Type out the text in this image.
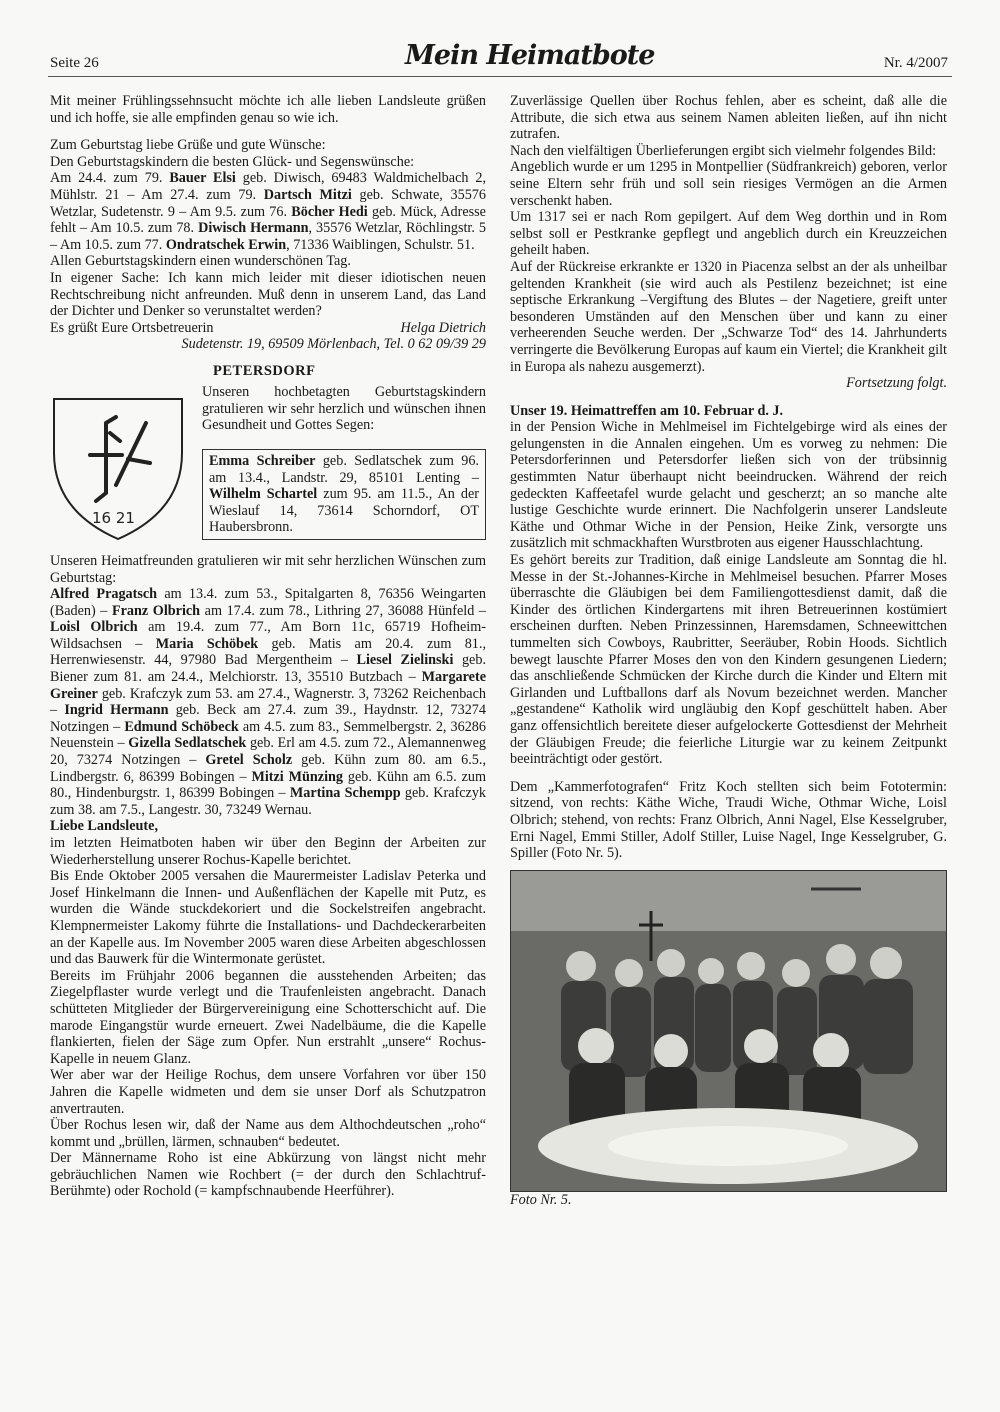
Seite 26	Mein Heimatbote	Nr. 4/2007

Mit meiner Frühlingssehnsucht möchte ich alle lieben Landsleute grüßen und ich hoffe, sie alle empfinden genau so wie ich.

Zum Geburtstag liebe Grüße und gute Wünsche:

Den Geburtstagskindern die besten Glück- und Segenswünsche:

Am 24.4. zum 79. Bauer Elsi geb. Diwisch, 69483 Waldmichelbach 2, Mühlstr. 21 – Am 27.4. zum 79. Dartsch Mitzi geb. Schwate, 35576 Wetzlar, Sudetenstr. 9 – Am 9.5. zum 76. Böcher Hedi geb. Mück, Adresse fehlt – Am 10.5. zum 78. Diwisch Hermann, 35576 Wetzlar, Röchlingstr. 5 – Am 10.5. zum 77. Ondratschek Erwin, 71336 Waiblingen, Schulstr. 51.

Allen Geburtstagskindern einen wunderschönen Tag.

In eigener Sache: Ich kann mich leider mit dieser idiotischen neuen Rechtschreibung nicht anfreunden. Muß denn in unserem Land, das Land der Dichter und Denker so verunstaltet werden?

Es grüßt Eure Ortsbetreuerin	Helga Dietrich

Sudetenstr. 19, 69509 Mörlenbach, Tel. 0 62 09/39 29

PETERSDORF
16 21

Unseren hochbetagten Geburtstagskindern gratulieren wir sehr herzlich und wünschen ihnen Gesundheit und Gottes Segen:

Emma Schreiber geb. Sedlatschek zum 96. am 13.4., Landstr. 29, 85101 Lenting – Wilhelm Schartel zum 95. am 11.5., An der Wieslauf 14, 73614 Schorndorf, OT Haubersbronn.

Unseren Heimatfreunden gratulieren wir mit sehr herzlichen Wünschen zum Geburtstag:

Alfred Pragatsch am 13.4. zum 53., Spitalgarten 8, 76356 Weingarten (Baden) – Franz Olbrich am 17.4. zum 78., Lithring 27, 36088 Hünfeld – Loisl Olbrich am 19.4. zum 77., Am Born 11c, 65719 Hofheim-Wildsachsen – Maria Schöbek geb. Matis am 20.4. zum 81., Herrenwiesenstr. 44, 97980 Bad Mergentheim – Liesel Zielinski geb. Biener zum 81. am 24.4., Melchiorstr. 13, 35510 Butzbach – Margarete Greiner geb. Krafczyk zum 53. am 27.4., Wagnerstr. 3, 73262 Reichenbach – Ingrid Hermann geb. Beck am 27.4. zum 39., Haydnstr. 12, 73274 Notzingen – Edmund Schöbeck am 4.5. zum 83., Semmelbergstr. 2, 36286 Neuenstein – Gizella Sedlatschek geb. Erl am 4.5. zum 72., Alemannenweg 20, 73274 Notzingen – Gretel Scholz geb. Kühn zum 80. am 6.5., Lindbergstr. 6, 86399 Bobingen – Mitzi Münzing geb. Kühn am 6.5. zum 80., Hindenburgstr. 1, 86399 Bobingen – Martina Schempp geb. Krafczyk zum 38. am 7.5., Langestr. 30, 73249 Wernau.

Liebe Landsleute,

im letzten Heimatboten haben wir über den Beginn der Arbeiten zur Wiederherstellung unserer Rochus-Kapelle berichtet.

Bis Ende Oktober 2005 versahen die Maurermeister Ladislav Peterka und Josef Hinkelmann die Innen- und Außenflächen der Kapelle mit Putz, es wurden die Wände stuckdekoriert und die Sockelstreifen angebracht. Klempnermeister Lakomy führte die Installations- und Dachdeckerarbeiten an der Kapelle aus. Im November 2005 waren diese Arbeiten abgeschlossen und das Bauwerk für die Wintermonate gerüstet.

Bereits im Frühjahr 2006 begannen die ausstehenden Arbeiten; das Ziegelpflaster wurde verlegt und die Traufenleisten angebracht. Danach schütteten Mitglieder der Bürgervereinigung eine Schotterschicht auf. Die marode Eingangstür wurde erneuert. Zwei Nadelbäume, die die Kapelle flankierten, fielen der Säge zum Opfer. Nun erstrahlt „unsere“ Rochus-Kapelle in neuem Glanz.

Wer aber war der Heilige Rochus, dem unsere Vorfahren vor über 150 Jahren die Kapelle widmeten und dem sie unser Dorf als Schutzpatron anvertrauten.

Über Rochus lesen wir, daß der Name aus dem Althochdeutschen „roho“ kommt und „brüllen, lärmen, schnauben“ bedeutet.

Der Männername Roho ist eine Abkürzung von längst nicht mehr gebräuchlichen Namen wie Rochbert (= der durch den Schlachtruf-Berühmte) oder Rochold (= kampfschnaubende Heerführer).

Zuverlässige Quellen über Rochus fehlen, aber es scheint, daß alle die Attribute, die sich etwa aus seinem Namen ableiten ließen, auf ihn nicht zutrafen.

Nach den vielfältigen Überlieferungen ergibt sich vielmehr folgendes Bild:

Angeblich wurde er um 1295 in Montpellier (Südfrankreich) geboren, verlor seine Eltern sehr früh und soll sein riesiges Vermögen an die Armen verschenkt haben.

Um 1317 sei er nach Rom gepilgert. Auf dem Weg dorthin und in Rom selbst soll er Pestkranke gepflegt und angeblich durch ein Kreuzzeichen geheilt haben.

Auf der Rückreise erkrankte er 1320 in Piacenza selbst an der als unheilbar geltenden Krankheit (sie wird auch als Pestilenz bezeichnet; ist eine septische Erkrankung –Vergiftung des Blutes – der Nagetiere, greift unter besonderen Umständen auf den Menschen über und kann zu einer verheerenden Seuche werden. Der „Schwarze Tod“ des 14. Jahrhunderts verringerte die Bevölkerung Europas auf kaum ein Viertel; die Krankheit gilt in Europa als nahezu ausgemerzt).

Fortsetzung folgt.

Unser 19. Heimattreffen am 10. Februar d. J.

in der Pension Wiche in Mehlmeisel im Fichtelgebirge wird als eines der gelungensten in die Annalen eingehen. Um es vorweg zu nehmen: Die Petersdorferinnen und Petersdorfer ließen sich von der trübsinnig gestimmten Natur überhaupt nicht beeindrucken. Während der reich gedeckten Kaffeetafel wurde gelacht und gescherzt; an so manche alte lustige Geschichte wurde erinnert. Die Nachfolgerin unserer Landsleute Käthe und Othmar Wiche in der Pension, Heike Zink, versorgte uns zusätzlich mit schmackhaften Wurstbroten aus eigener Hausschlachtung.

Es gehört bereits zur Tradition, daß einige Landsleute am Sonntag die hl. Messe in der St.-Johannes-Kirche in Mehlmeisel besuchen. Pfarrer Moses überraschte die Gläubigen bei dem Familiengottesdienst damit, daß die Kinder des örtlichen Kindergartens mit ihren Betreuerinnen kostümiert erscheinen durften. Neben Prinzessinnen, Haremsdamen, Schneewittchen tummelten sich Cowboys, Raubritter, Seeräuber, Robin Hoods. Sichtlich bewegt lauschte Pfarrer Moses den von den Kindern gesungenen Liedern; das anschließende Schmücken der Kirche durch die Kinder und Eltern mit Girlanden und Luftballons darf als Novum bezeichnet werden. Mancher „gestandene“ Katholik wird ungläubig den Kopf geschüttelt haben. Aber ganz offensichtlich bereitete dieser aufgelockerte Gottesdienst der Mehrheit der Gläubigen Freude; die feierliche Liturgie war zu keinem Zeitpunkt beeinträchtigt oder gestört.

Dem „Kammerfotografen“ Fritz Koch stellten sich beim Fototermin: sitzend, von rechts: Käthe Wiche, Traudi Wiche, Othmar Wiche, Loisl Olbrich; stehend, von rechts: Franz Olbrich, Anni Nagel, Else Kesselgruber, Erni Nagel, Emmi Stiller, Adolf Stiller, Luise Nagel, Inge Kesselgruber, G. Spiller (Foto Nr. 5).

Foto Nr. 5.
